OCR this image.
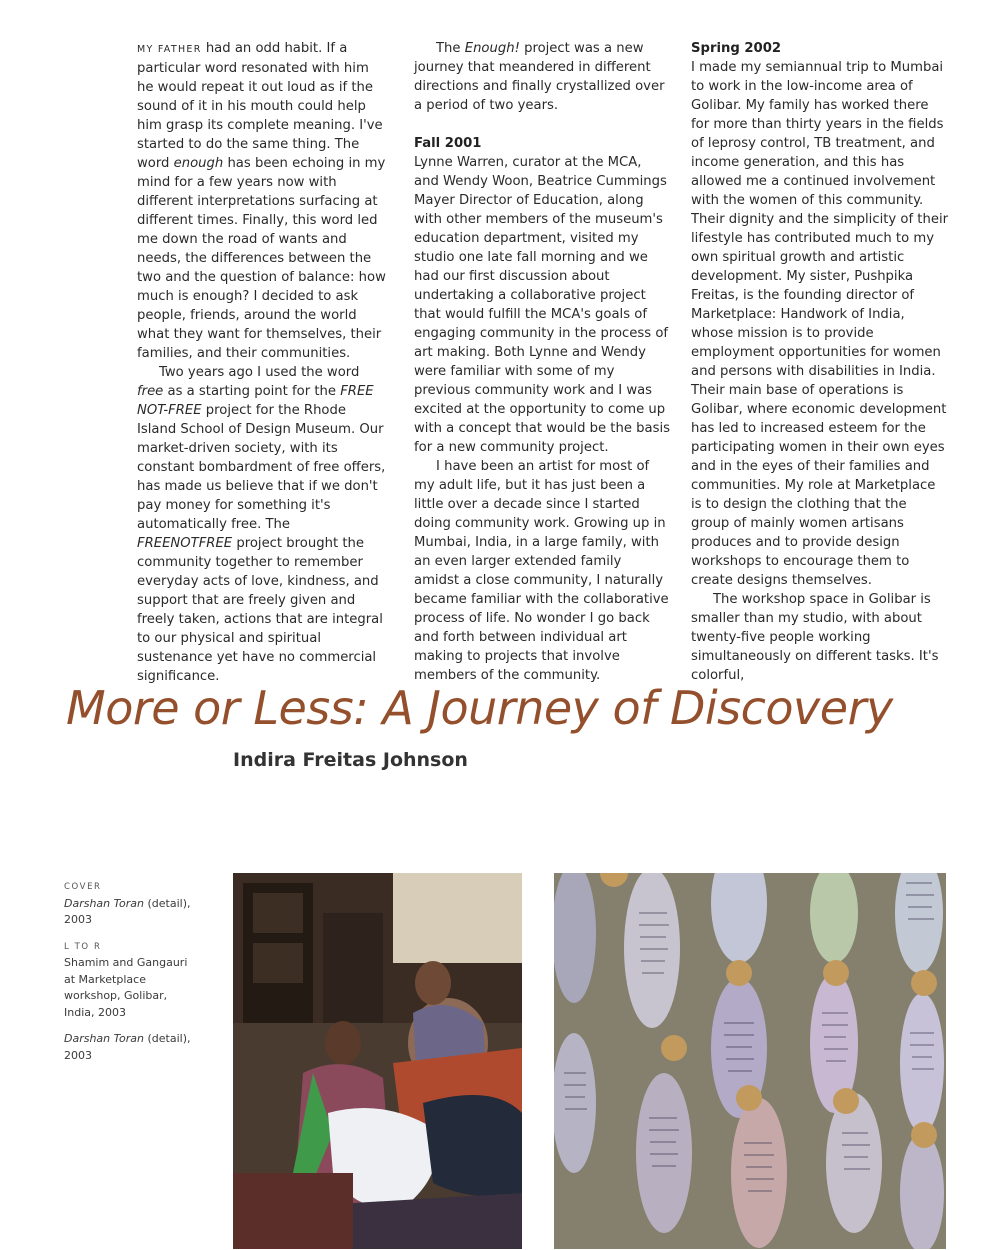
MY FATHER had an odd habit. If a particular word resonated with him he would repeat it out loud as if the sound of it in his mouth could help him grasp its complete meaning. I've started to do the same thing. The word enough has been echoing in my mind for a few years now with different interpretations surfacing at different times. Finally, this word led me down the road of wants and needs, the differences between the two and the question of balance: how much is enough? I decided to ask people, friends, around the world what they want for themselves, their families, and their communities.

Two years ago I used the word free as a starting point for the FREE NOT-FREE project for the Rhode Island School of Design Museum. Our market-driven society, with its constant bombardment of free offers, has made us believe that if we don't pay money for something it's automatically free. The FREENOTFREE project brought the community together to remember everyday acts of love, kindness, and support that are freely given and freely taken, actions that are integral to our physical and spiritual sustenance yet have no commercial significance.

The Enough! project was a new journey that meandered in different directions and finally crystallized over a period of two years.

Fall 2001

Lynne Warren, curator at the MCA, and Wendy Woon, Beatrice Cummings Mayer Director of Education, along with other members of the museum's education department, visited my studio one late fall morning and we had our first discussion about undertaking a collaborative project that would fulfill the MCA's goals of engaging community in the process of art making. Both Lynne and Wendy were familiar with some of my previous community work and I was excited at the opportunity to come up with a concept that would be the basis for a new community project.

I have been an artist for most of my adult life, but it has just been a little over a decade since I started doing community work. Growing up in Mumbai, India, in a large family, with an even larger extended family amidst a close community, I naturally became familiar with the collaborative process of life. No wonder I go back and forth between individual art making to projects that involve members of the community.

Spring 2002

I made my semiannual trip to Mumbai to work in the low-income area of Golibar. My family has worked there for more than thirty years in the fields of leprosy control, TB treatment, and income generation, and this has allowed me a continued involvement with the women of this community. Their dignity and the simplicity of their lifestyle has contributed much to my own spiritual growth and artistic development. My sister, Pushpika Freitas, is the founding director of Marketplace: Handwork of India, whose mission is to provide employment opportunities for women and persons with disabilities in India. Their main base of operations is Golibar, where economic development has led to increased esteem for the participating women in their own eyes and in the eyes of their families and communities. My role at Marketplace is to design the clothing that the group of mainly women artisans produces and to provide design workshops to encourage them to create designs themselves.

The workshop space in Golibar is smaller than my studio, with about twenty-five people working simultaneously on different tasks. It's colorful,

More or Less: A Journey of Discovery
Indira Freitas Johnson
COVER
Darshan Toran (detail), 2003
L TO R
Shamim and Gangauri at Marketplace workshop, Golibar, India, 2003
Darshan Toran (detail), 2003
